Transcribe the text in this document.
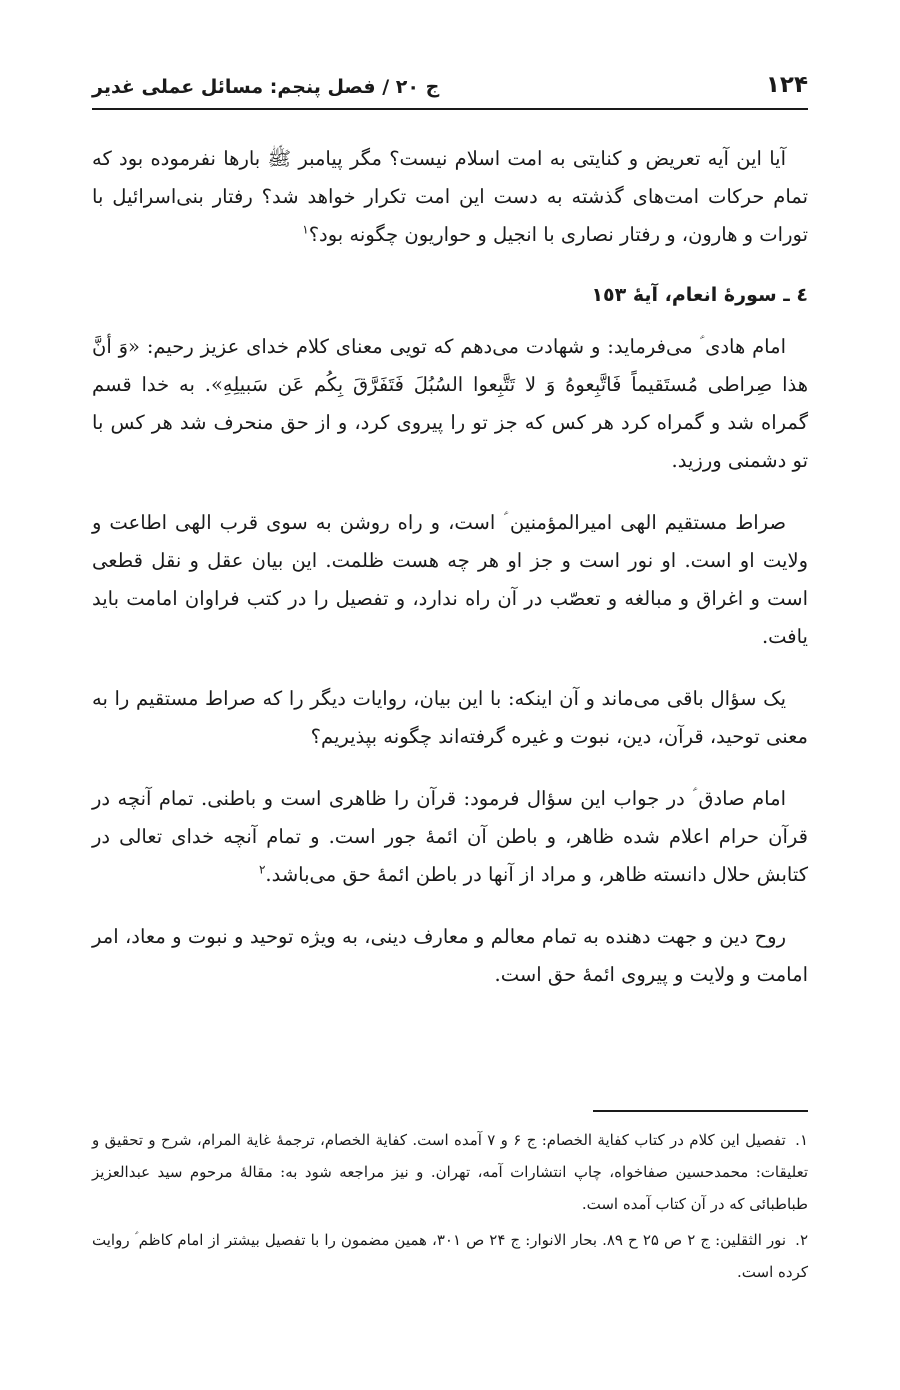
۱۲۴
ج ۲۰ / فصل پنجم: مسائل عملی غدیر

آیا این آیه تعریض و کنایتی به امت اسلام نیست؟ مگر پیامبر ﷺ بارها نفرموده بود که تمام حرکات امت‌های گذشته به دست این امت تکرار خواهد شد؟ رفتار بنی‌اسرائیل با تورات و هارون، و رفتار نصاری با انجیل و حواریون چگونه بود؟$^۱$

٤ ـ سورۀ انعام، آیۀ ١٥٣

امام هادی ؑ می‌فرماید: و شهادت می‌دهم که تویی معنای کلام خدای عزیز رحیم: «وَ أنَّ هذا صِراطی مُستَقیماً فَاتَّبِعوهُ وَ لا تَتَّبِعوا السُبُلَ فَتَفَرَّقَ بِکُم عَن سَبیلِهِ». به خدا قسم گمراه شد و گمراه کرد هر کس که جز تو را پیروی کرد، و از حق منحرف شد هر کس با تو دشمنی ورزید.

صراط مستقیم الهی امیرالمؤمنین ؑ است، و راه روشن به سوی قرب الهی اطاعت و ولایت او است. او نور است و جز او هر چه هست ظلمت. این بیان عقل و نقل قطعی است و اغراق و مبالغه و تعصّب در آن راه ندارد، و تفصیل را در کتب فراوان امامت باید یافت.

یک سؤال باقی می‌ماند و آن اینکه: با این بیان، روایات دیگر را که صراط مستقیم را به معنی توحید، قرآن، دین، نبوت و غیره گرفته‌اند چگونه بپذیریم؟

امام صادق ؑ در جواب این سؤال فرمود: قرآن را ظاهری است و باطنی. تمام آنچه در قرآن حرام اعلام شده ظاهر، و باطن آن ائمۀ جور است. و تمام آنچه خدای تعالی در کتابش حلال دانسته ظاهر، و مراد از آنها در باطن ائمۀ حق می‌باشد.$^۲$

روح دین و جهت دهنده به تمام معالم و معارف دینی، به ویژه توحید و نبوت و معاد، امر امامت و ولایت و پیروی ائمۀ حق است.

۱. تفصیل این کلام در کتاب کفایة الخصام: ج ۶ و ۷ آمده است. کفایة الخصام، ترجمۀ غایة المرام، شرح و تحقیق و تعلیقات: محمدحسین صفاخواه، چاپ انتشارات آمه، تهران. و نیز مراجعه شود به: مقالۀ مرحوم سید عبدالعزیز طباطبائی که در آن کتاب آمده است.

۲. نور الثقلین: ج ۲ ص ۲۵ ح ۸۹. بحار الانوار: ج ۲۴ ص ۳۰۱، همین مضمون را با تفصیل بیشتر از امام کاظم ؑ روایت کرده است.
